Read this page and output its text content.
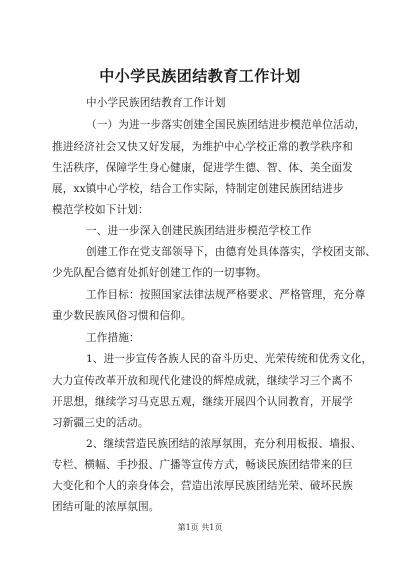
中小学民族团结教育工作计划
中小学民族团结教育工作计划
（一）为进一步落实创建全国民族团结进步模范单位活动，
推进经济社会又快又好发展，为维护中心学校正常的教学秩序和
生活秩序，保障学生身心健康，促进学生德、智、体、美全面发
展，xx镇中心学校，结合工作实际，特制定创建民族团结进步
模范学校如下计划：
一、进一步深入创建民族团结进步模范学校工作
创建工作在党支部领导下，由德育处具体落实，学校团支部、
少先队配合德育处抓好创建工作的一切事物。
工作目标：按照国家法律法规严格要求、严格管理，充分尊
重少数民族风俗习惯和信仰。
工作措施：
1、进一步宣传各族人民的奋斗历史、光荣传统和优秀文化，
大力宣传改革开放和现代化建设的辉煌成就，继续学习三个离不
开思想，继续学习马克思五观，继续开展四个认同教育，开展学
习新疆三史的活动。
2、继续营造民族团结的浓厚氛围，充分利用板报、墙报、
专栏、横幅、手抄报、广播等宣传方式，畅谈民族团结带来的巨
大变化和个人的亲身体会，营造出浓厚民族团结光荣、破坏民族
团结可耻的浓厚氛围。
第1页 共1页
